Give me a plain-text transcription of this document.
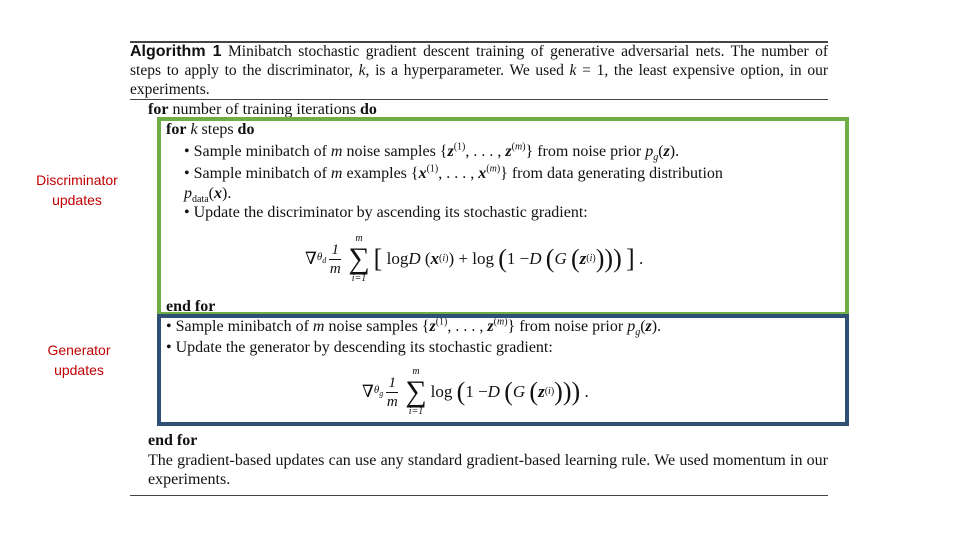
Algorithm 1 Minibatch stochastic gradient descent training of generative adversarial nets. The number of steps to apply to the discriminator, k, is a hyperparameter. We used k = 1, the least expensive option, in our experiments.
for number of training iterations do
for k steps do
• Sample minibatch of m noise samples {$z^{(1)}$, . . . , $z^{(m)}$} from noise prior $p_g(z)$.
• Sample minibatch of m examples {$x^{(1)}$, . . . , $x^{(m)}$} from data generating distribution
$p_{data}(x)$.
• Update the discriminator by ascending its stochastic gradient:
∇ $\theta_d \frac{1}{m}$
m
∑
i=1
[ log D ( x (i) ) + log ( 1 − D
( G
( z (i) ) ) )
] .
end for
• Sample minibatch of m noise samples {$z^{(1)}$, . . . , $z^{(m)}$} from noise prior $p_g(z)$.
• Update the generator by descending its stochastic gradient:
∇ $\theta_g \frac{1}{m}$
m
∑
i=1
log ( 1 − D
( G
( z (i) ) ) ) .
end for
The gradient-based updates can use any standard gradient-based learning rule. We used momentum in our experiments.
Discriminator updates
Generator updates
